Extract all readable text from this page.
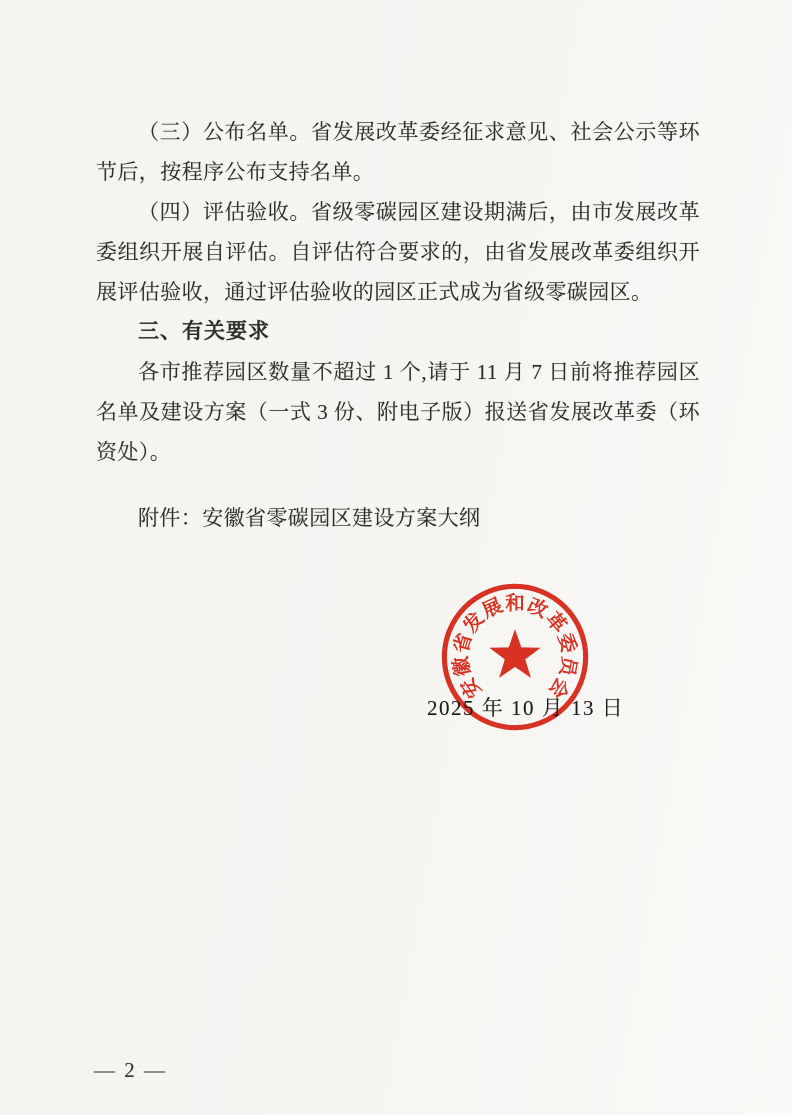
（三）公布名单。省发展改革委经征求意见、社会公示等环节后，按程序公布支持名单。

（四）评估验收。省级零碳园区建设期满后，由市发展改革委组织开展自评估。自评估符合要求的，由省发展改革委组织开展评估验收，通过评估验收的园区正式成为省级零碳园区。

三、有关要求

各市推荐园区数量不超过 1 个,请于 11 月 7 日前将推荐园区名单及建设方案（一式 3 份、附电子版）报送省发展改革委（环资处）。

附件：安徽省零碳园区建设方案大纲

2025 年 10 月 13 日
安
徽
省
发
展 和 改
革
委
员
会
— 2 —
